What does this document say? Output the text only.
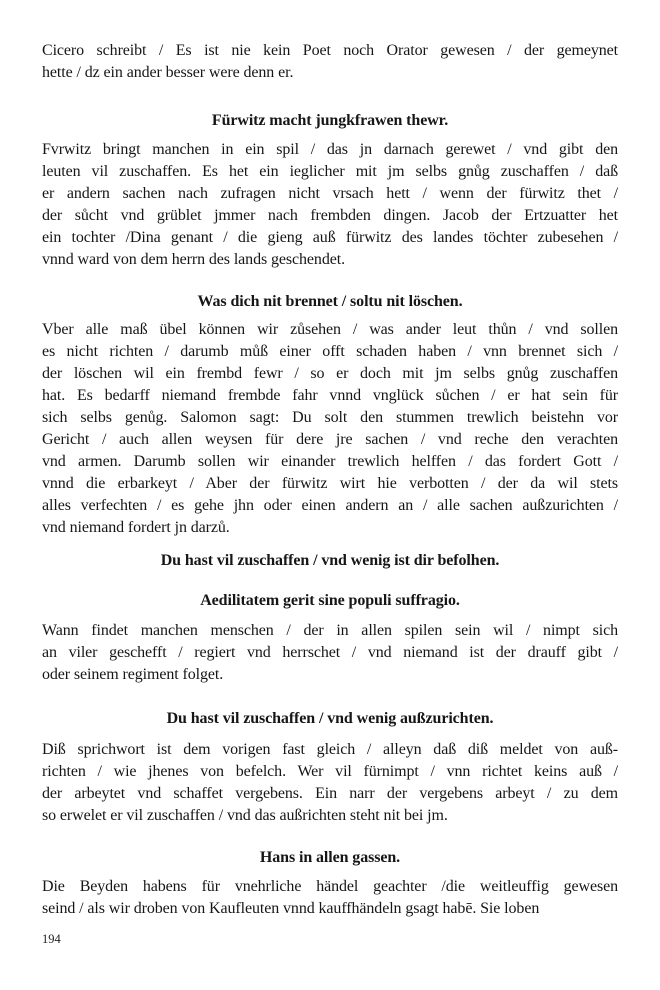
Cicero schreibt / Es ist nie kein Poet noch Orator gewesen / der gemeynet
hette / dz ein ander besser were denn er.

Fürwitz macht jungkfrawen thewr.

Fvrwitz bringt manchen in ein spil / das jn darnach gerewet / vnd gibt den
leuten vil zuschaffen. Es het ein ieglicher mit jm selbs gnůg zuschaffen / daß
er andern sachen nach zufragen nicht vrsach hett / wenn der fürwitz thet /
der sůcht vnd grüblet jmmer nach frembden dingen. Jacob der Ertzuatter het
ein tochter /Dina genant / die gieng auß fürwitz des landes töchter zubesehen /
vnnd ward von dem herrn des lands geschendet.

Was dich nit brennet / soltu nit löschen.

Vber alle maß übel können wir zůsehen / was ander leut thůn / vnd sollen
es nicht richten / darumb můß einer offt schaden haben / vnn brennet sich /
der löschen wil ein frembd fewr / so er doch mit jm selbs gnůg zuschaffen
hat. Es bedarff niemand frembde fahr vnnd vnglück sůchen / er hat sein für
sich selbs genůg. Salomon sagt: Du solt den stummen trewlich beistehn vor
Gericht / auch allen weysen für dere jre sachen / vnd reche den verachten
vnd armen. Darumb sollen wir einander trewlich helffen / das fordert Gott /
vnnd die erbarkeyt / Aber der fürwitz wirt hie verbotten / der da wil stets
alles verfechten / es gehe jhn oder einen andern an / alle sachen außzurichten /
vnd niemand fordert jn darzů.

Du hast vil zuschaffen / vnd wenig ist dir befolhen.
Aedilitatem gerit sine populi suffragio.

Wann findet manchen menschen / der in allen spilen sein wil / nimpt sich
an viler geschefft / regiert vnd herrschet / vnd niemand ist der drauff gibt /
oder seinem regiment folget.

Du hast vil zuschaffen / vnd wenig außzurichten.

Diß sprichwort ist dem vorigen fast gleich / alleyn daß diß meldet von auß-
richten / wie jhenes von befelch. Wer vil fürnimpt / vnn richtet keins auß /
der arbeytet vnd schaffet vergebens. Ein narr der vergebens arbeyt / zu dem
so erwelet er vil zuschaffen / vnd das außrichten steht nit bei jm.

Hans in allen gassen.

Die Beyden habens für vnehrliche händel geachter /die weitleuffig gewesen
seind / als wir droben von Kaufleuten vnnd kauffhändeln gsagt habē. Sie loben

194
